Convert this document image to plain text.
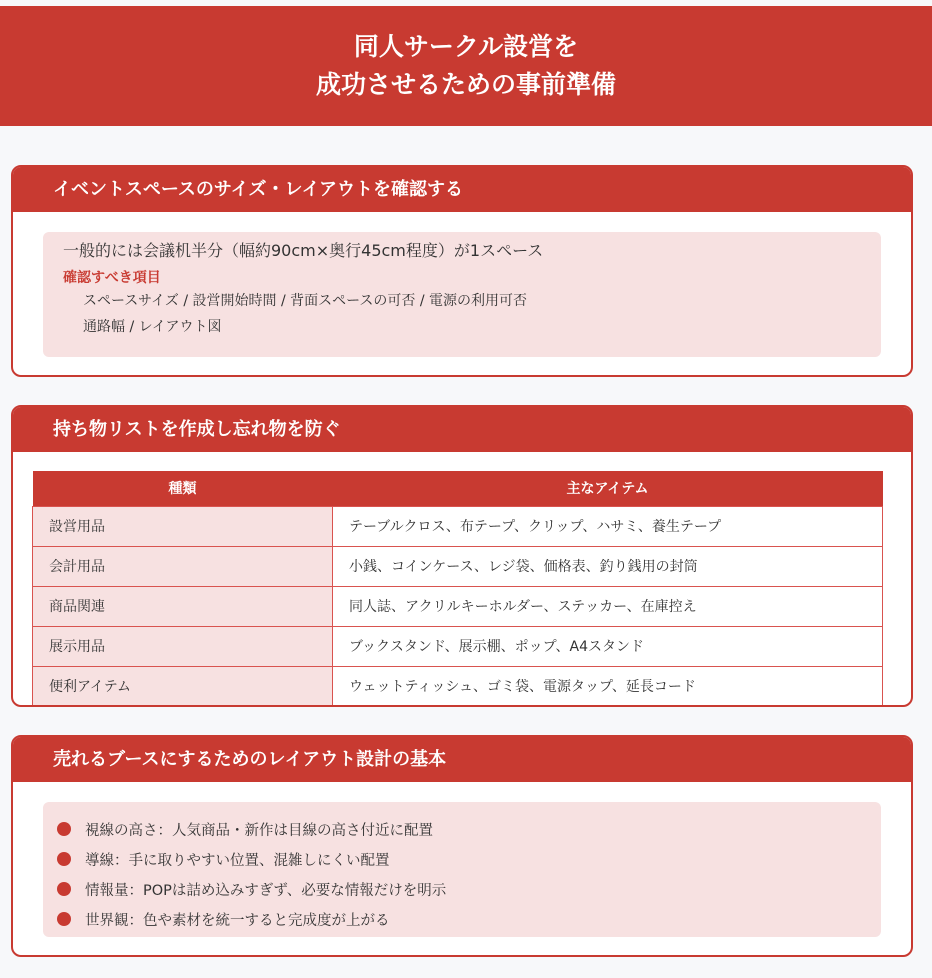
同人サークル設営を
成功させるための事前準備
イベントスペースのサイズ・レイアウトを確認する
一般的には会議机半分（幅約90cm×奥行45cm程度）が1スペース
確認すべき項目
スペースサイズ / 設営開始時間 / 背面スペースの可否 / 電源の利用可否
通路幅 / レイアウト図
持ち物リストを作成し忘れ物を防ぐ
種類	主なアイテム
設営用品	テーブルクロス、布テープ、クリップ、ハサミ、養生テープ
会計用品	小銭、コインケース、レジ袋、価格表、釣り銭用の封筒
商品関連	同人誌、アクリルキーホルダー、ステッカー、在庫控え
展示用品	ブックスタンド、展示棚、ポップ、A4スタンド
便利アイテム	ウェットティッシュ、ゴミ袋、電源タップ、延長コード
売れるブースにするためのレイアウト設計の基本
視線の高さ：人気商品・新作は目線の高さ付近に配置
導線：手に取りやすい位置、混雑しにくい配置
情報量：POPは詰め込みすぎず、必要な情報だけを明示
世界観：色や素材を統一すると完成度が上がる
